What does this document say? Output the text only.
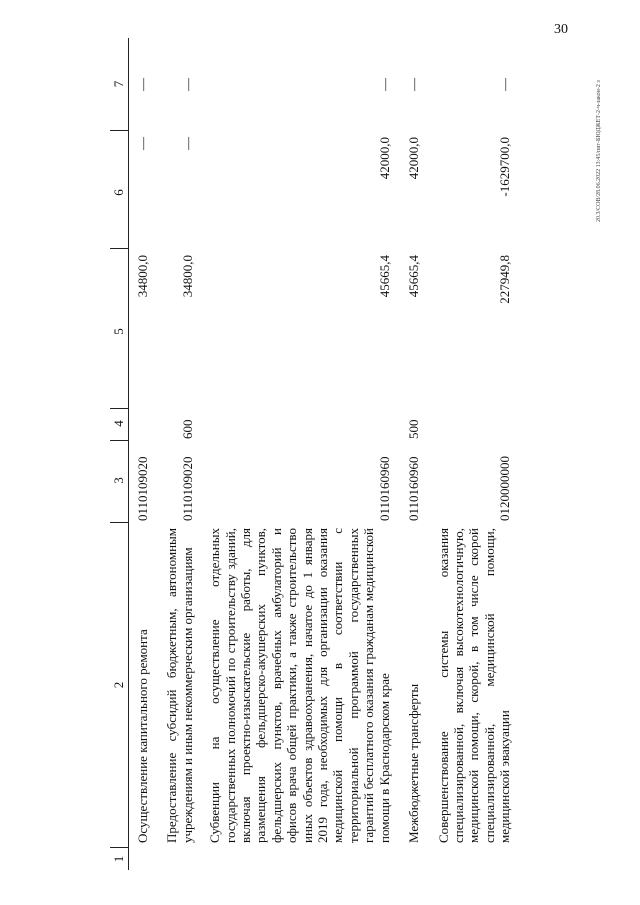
30
20.3/СОВ/28.06.2022 13:45/пит-БЮДЖЕТ-2-ч-закон-2 з
1
2
3
4
5
6
7
Осуществление капитального ремонта
0110109020
34800,0
—
—
Предоставление субсидий бюджетным, автономным учреждениям и иным некоммерческим организациям
0110109020
600
34800,0
—
—
Субвенции на осуществление отдельных государственных полномочий по строительству зданий, включая проектно-изыскательские работы, для размещения фельдшерско-акушерских пунктов, фельдшерских пунктов, врачебных амбулаторий и офисов врача общей практики, а также строительство иных объектов здравоохранения, начатое до 1 января 2019 года, необходимых для организации оказания медицинской помощи в соответствии с территориальной программой государственных гарантий бесплатного оказания гражданам медицинской помощи в Краснодарском крае
0110160960
45665,4
42000,0
—
Межбюджетные трансферты
0110160960
500
45665,4
42000,0
—
Совершенствование системы оказания специализированной, включая высокотехнологичную, медицинской помощи, скорой, в том числе скорой специализированной, медицинской помощи, медицинской эвакуации
0120000000
227949,8
-1629700,0
—
